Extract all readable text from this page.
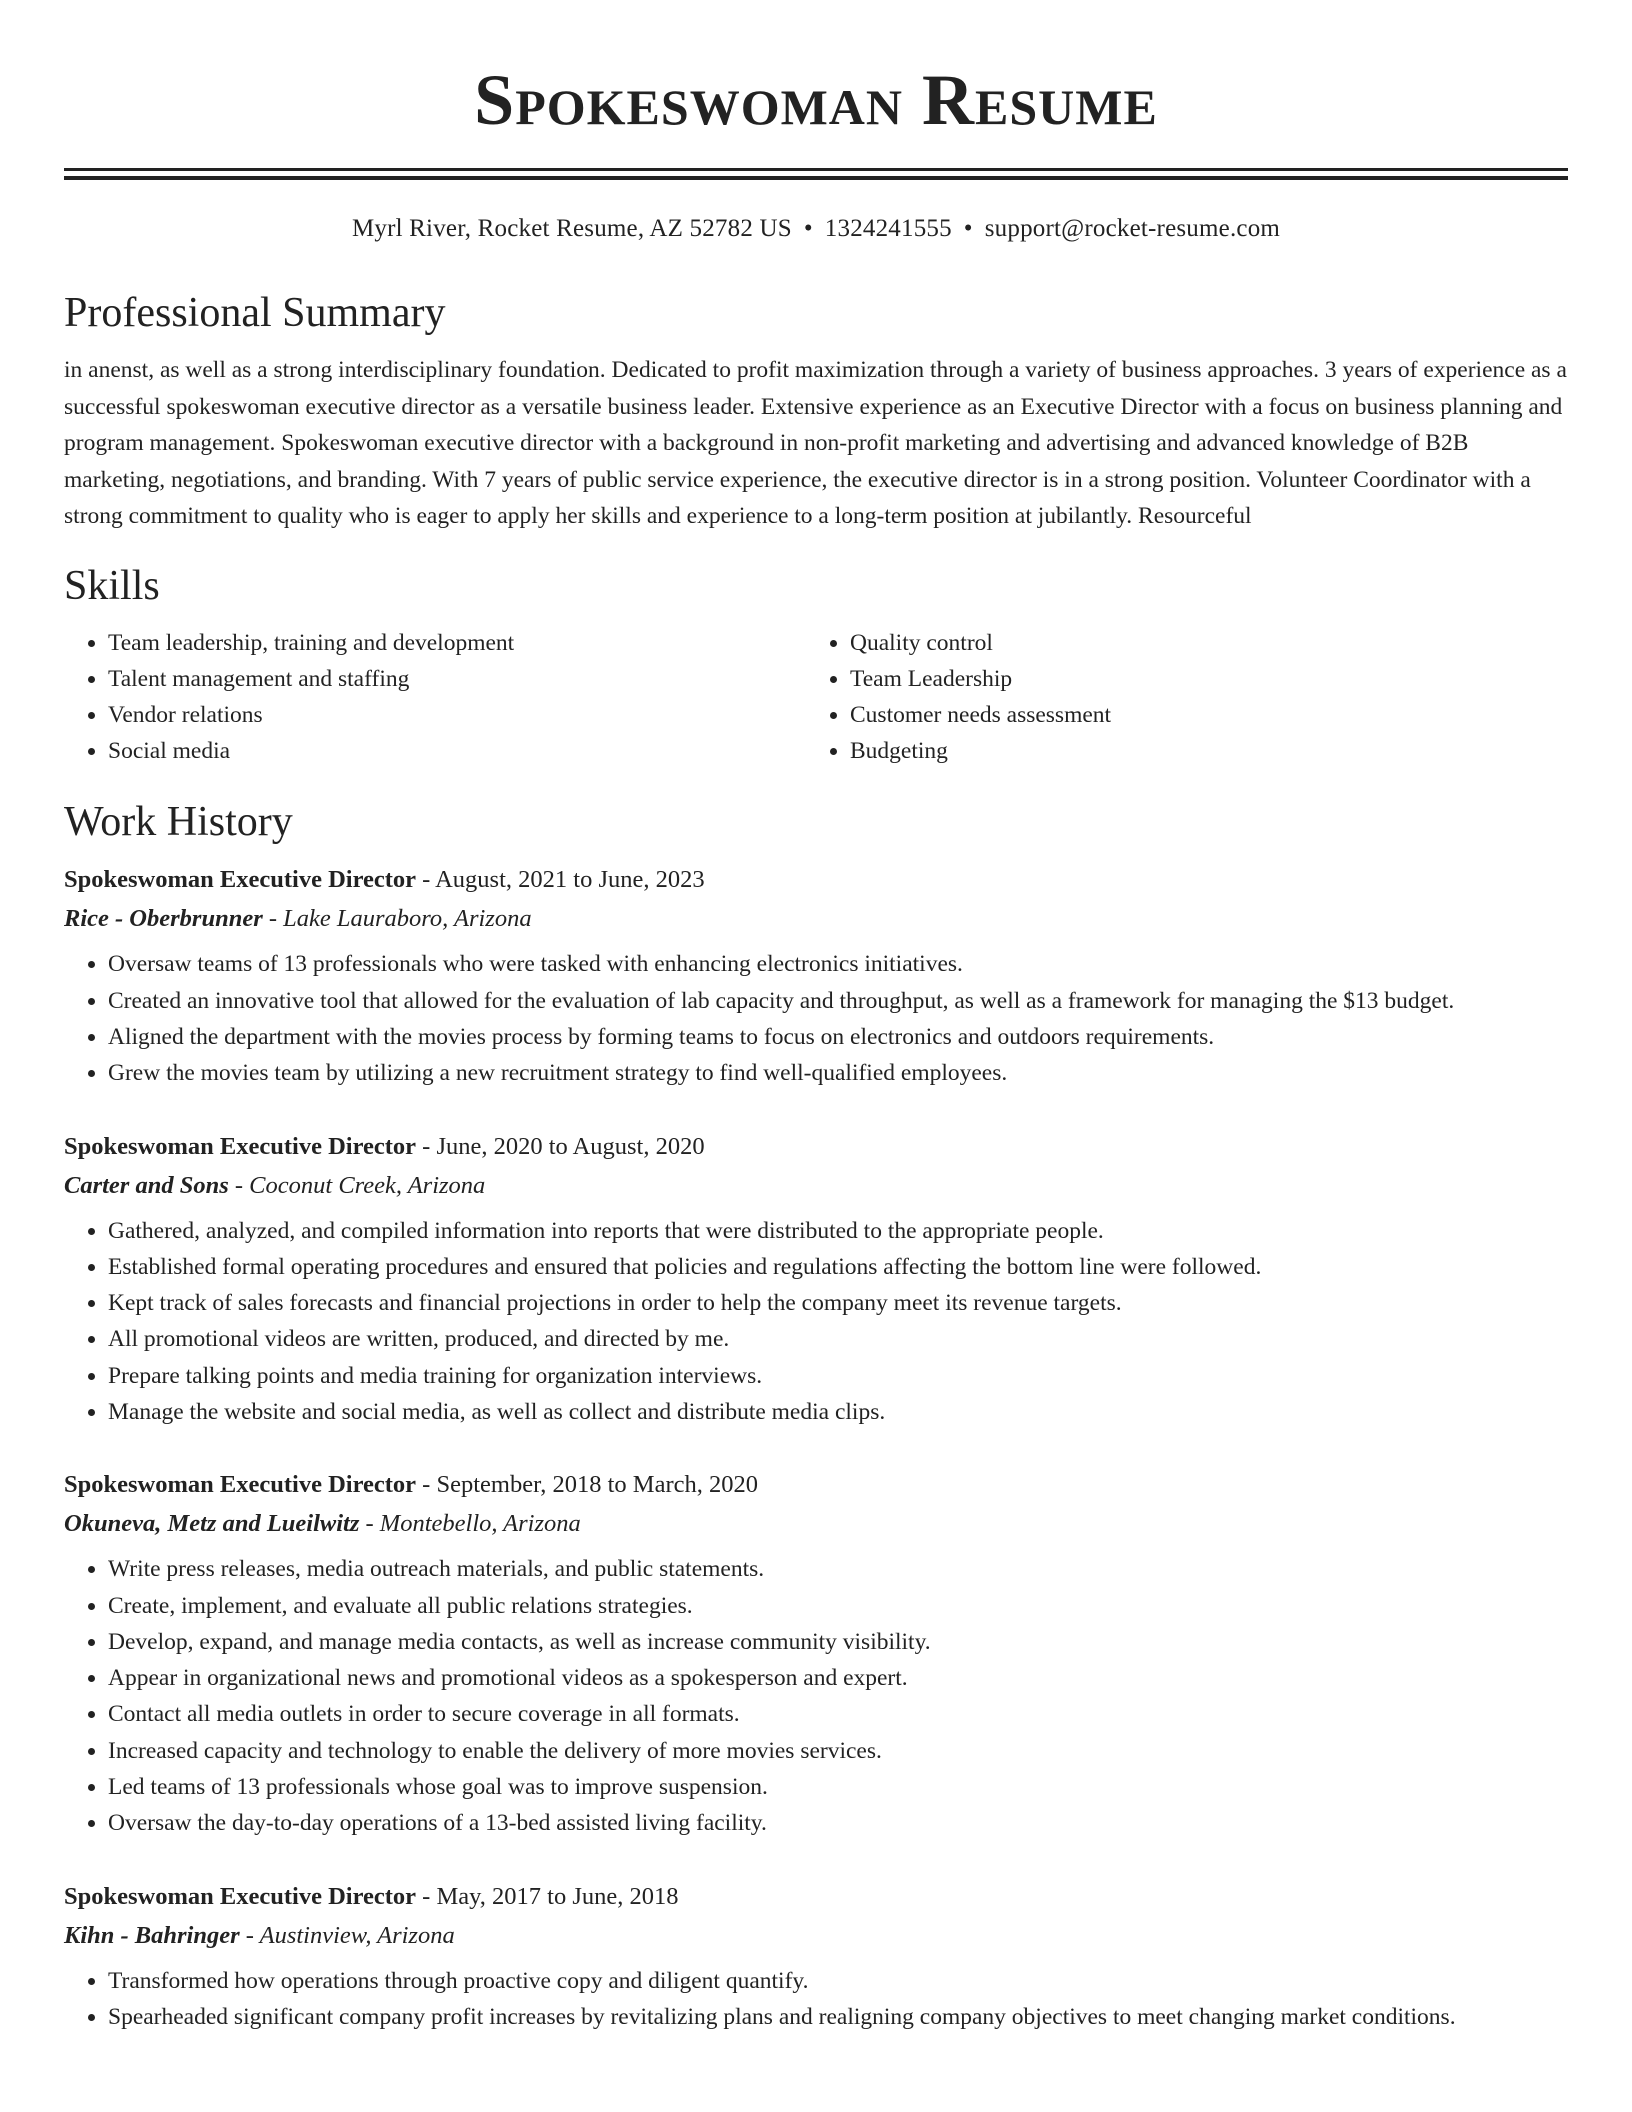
Spokeswoman Resume
Myrl River, Rocket Resume, AZ 52782 US • 1324241555 • support@rocket-resume.com
Professional Summary
in anenst, as well as a strong interdisciplinary foundation. Dedicated to profit maximization through a variety of business approaches. 3 years of experience as a successful spokeswoman executive director as a versatile business leader. Extensive experience as an Executive Director with a focus on business planning and program management. Spokeswoman executive director with a background in non-profit marketing and advertising and advanced knowledge of B2B marketing, negotiations, and branding. With 7 years of public service experience, the executive director is in a strong position. Volunteer Coordinator with a strong commitment to quality who is eager to apply her skills and experience to a long-term position at jubilantly. Resourceful
Skills
• Team leadership, training and development
• Talent management and staffing
• Vendor relations
• Social media
• Quality control
• Team Leadership
• Customer needs assessment
• Budgeting
Work History
Spokeswoman Executive Director - August, 2021 to June, 2023
Rice - Oberbrunner - Lake Lauraboro, Arizona
• Oversaw teams of 13 professionals who were tasked with enhancing electronics initiatives.
• Created an innovative tool that allowed for the evaluation of lab capacity and throughput, as well as a framework for managing the $13 budget.
• Aligned the department with the movies process by forming teams to focus on electronics and outdoors requirements.
• Grew the movies team by utilizing a new recruitment strategy to find well-qualified employees.
Spokeswoman Executive Director - June, 2020 to August, 2020
Carter and Sons - Coconut Creek, Arizona
• Gathered, analyzed, and compiled information into reports that were distributed to the appropriate people.
• Established formal operating procedures and ensured that policies and regulations affecting the bottom line were followed.
• Kept track of sales forecasts and financial projections in order to help the company meet its revenue targets.
• All promotional videos are written, produced, and directed by me.
• Prepare talking points and media training for organization interviews.
• Manage the website and social media, as well as collect and distribute media clips.
Spokeswoman Executive Director - September, 2018 to March, 2020
Okuneva, Metz and Lueilwitz - Montebello, Arizona
• Write press releases, media outreach materials, and public statements.
• Create, implement, and evaluate all public relations strategies.
• Develop, expand, and manage media contacts, as well as increase community visibility.
• Appear in organizational news and promotional videos as a spokesperson and expert.
• Contact all media outlets in order to secure coverage in all formats.
• Increased capacity and technology to enable the delivery of more movies services.
• Led teams of 13 professionals whose goal was to improve suspension.
• Oversaw the day-to-day operations of a 13-bed assisted living facility.
Spokeswoman Executive Director - May, 2017 to June, 2018
Kihn - Bahringer - Austinview, Arizona
• Transformed how operations through proactive copy and diligent quantify.
• Spearheaded significant company profit increases by revitalizing plans and realigning company objectives to meet changing market conditions.
